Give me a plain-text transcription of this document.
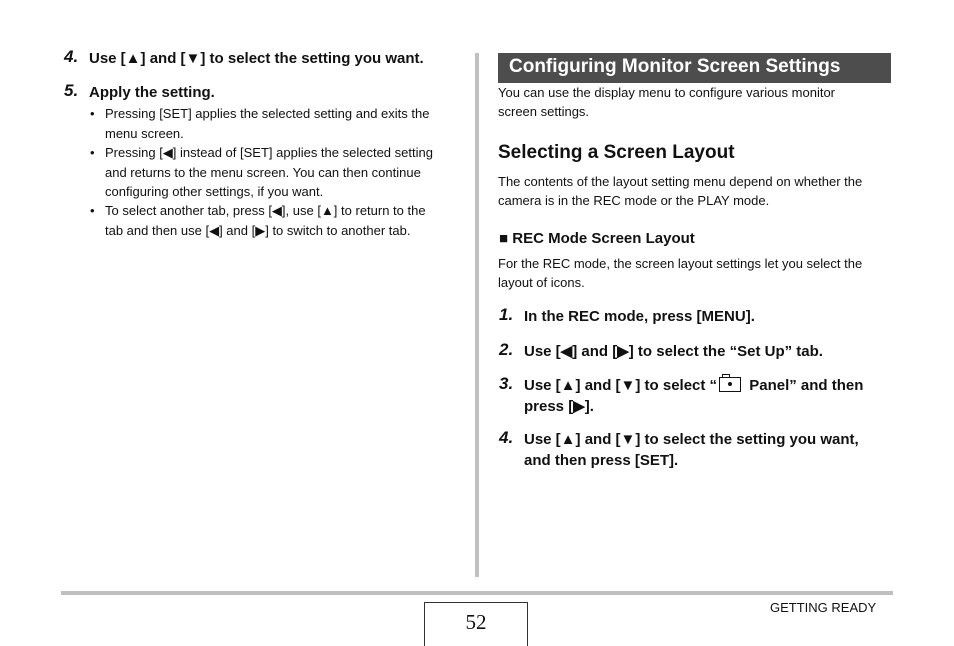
4. Use [▲] and [▼] to select the setting you want.
5. Apply the setting.
• Pressing [SET] applies the selected setting and exits the
menu screen.
• Pressing [◀] instead of [SET] applies the selected setting
and returns to the menu screen. You can then continue
configuring other settings, if you want.
• To select another tab, press [◀], use [▲] to return to the
tab and then use [◀] and [▶] to switch to another tab.
Configuring Monitor Screen Settings
You can use the display menu to configure various monitor
screen settings.
Selecting a Screen Layout
The contents of the layout setting menu depend on whether the
camera is in the REC mode or the PLAY mode.
■ REC Mode Screen Layout
For the REC mode, the screen layout settings let you select the
layout of icons.
1. In the REC mode, press [MENU].
2. Use [◀] and [▶] to select the “Set Up” tab.
3. Use [▲] and [▼] to select “ Panel” and then
press [▶].
4. Use [▲] and [▼] to select the setting you want,
and then press [SET].
52
GETTING READY
